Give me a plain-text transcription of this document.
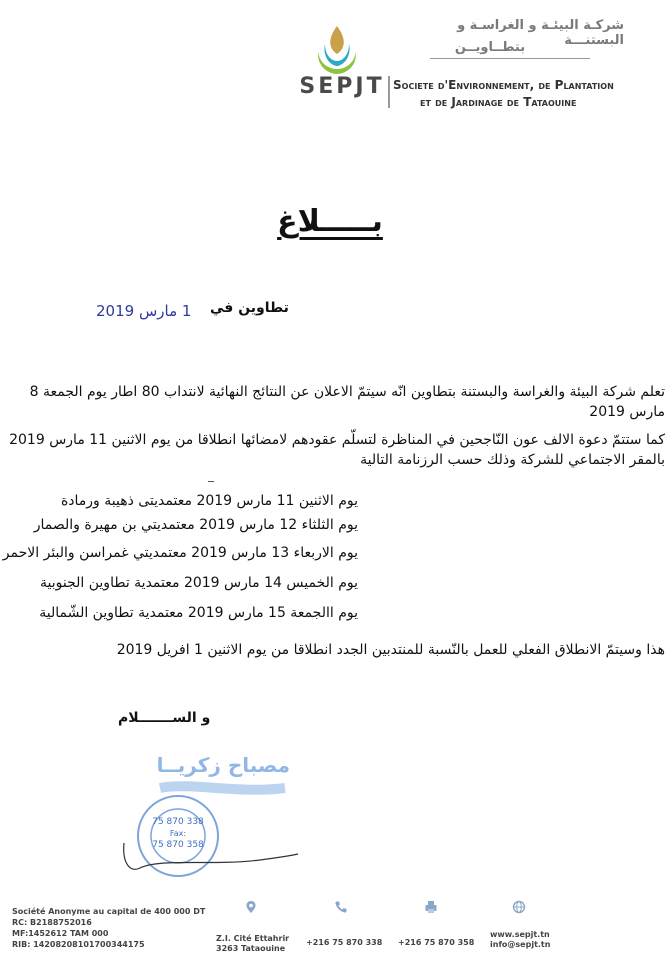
شركـة البيئـة و الغراسـة و البستنـــة
بتطــاويــن
SEPJT Societe d'Environnement, de Plantation
et de Jardinage de Tataouine
بـــــلاغ
تطاوين في
1 مارس 2019
تعلم شركة البيئة والغراسة والبستنة بتطاوين انّه سيتمّ الاعلان عن النتائج النهائية لانتداب 80 اطار يوم الجمعة 8 مارس 2019
كما ستتمّ دعوة الالف عون النّاجحين في المناظرة لتسلّم عقودهم لامضائها انطلاقا من يوم الاثنين 11 مارس 2019 بالمقر الاجتماعي للشركة وذلك حسب الرزنامة التالية
يوم الاثنين 11 مارس 2019 معتمديتى ذهيبة ورمادة
يوم الثلثاء 12 مارس 2019 معتمديتي بن مهيرة والصمار
يوم الاربعاء 13 مارس 2019 معتمديتي غمراسن والبئر الاحمر
يوم الخميس 14 مارس 2019 معتمدية تطاوين الجنوبية
يوم االجمعة 15 مارس 2019 معتمدية تطاوين الشّمالية
هذا وسيتمّ الانطلاق الفعلي للعمل بالنّسبة للمنتدبين الجدد انطلاقا من يوم الاثنين 1 افريل 2019
و الســـــــلام
مصباح زكريــا
75 870 338
Fax:
75 870 358
Société Anonyme au capital de 400 000 DT
RC: B2188752016
MF:1452612 TAM 000
RIB: 14208208101700344175
Z.I. Cité Ettahrir
3263 Tataouine
+216 75 870 338 +216 75 870 358
www.sepjt.tn
info@sepjt.tn
